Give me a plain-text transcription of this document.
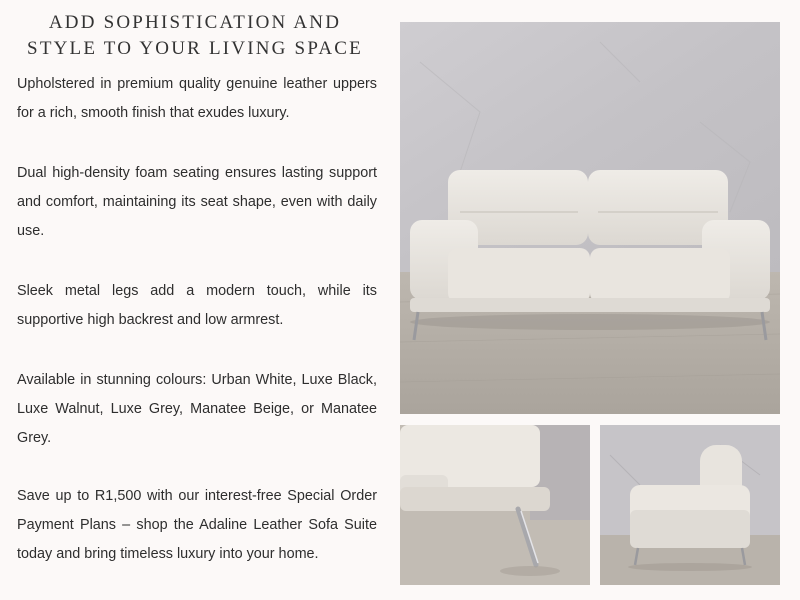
ADD SOPHISTICATION AND
STYLE TO YOUR LIVING SPACE
Upholstered in premium quality genuine leather uppers for a rich, smooth finish that exudes luxury.
Dual high-density foam seating ensures lasting support and comfort, maintaining its seat shape, even with daily use.
Sleek metal legs add a modern touch, while its supportive high backrest and low armrest.
Available in stunning colours: Urban White, Luxe Black, Luxe Walnut, Luxe Grey, Manatee Beige, or Manatee Grey.
Save up to R1,500 with our interest-free Special Order Payment Plans – shop the Adaline Leather Sofa Suite today and bring timeless luxury into your home.
